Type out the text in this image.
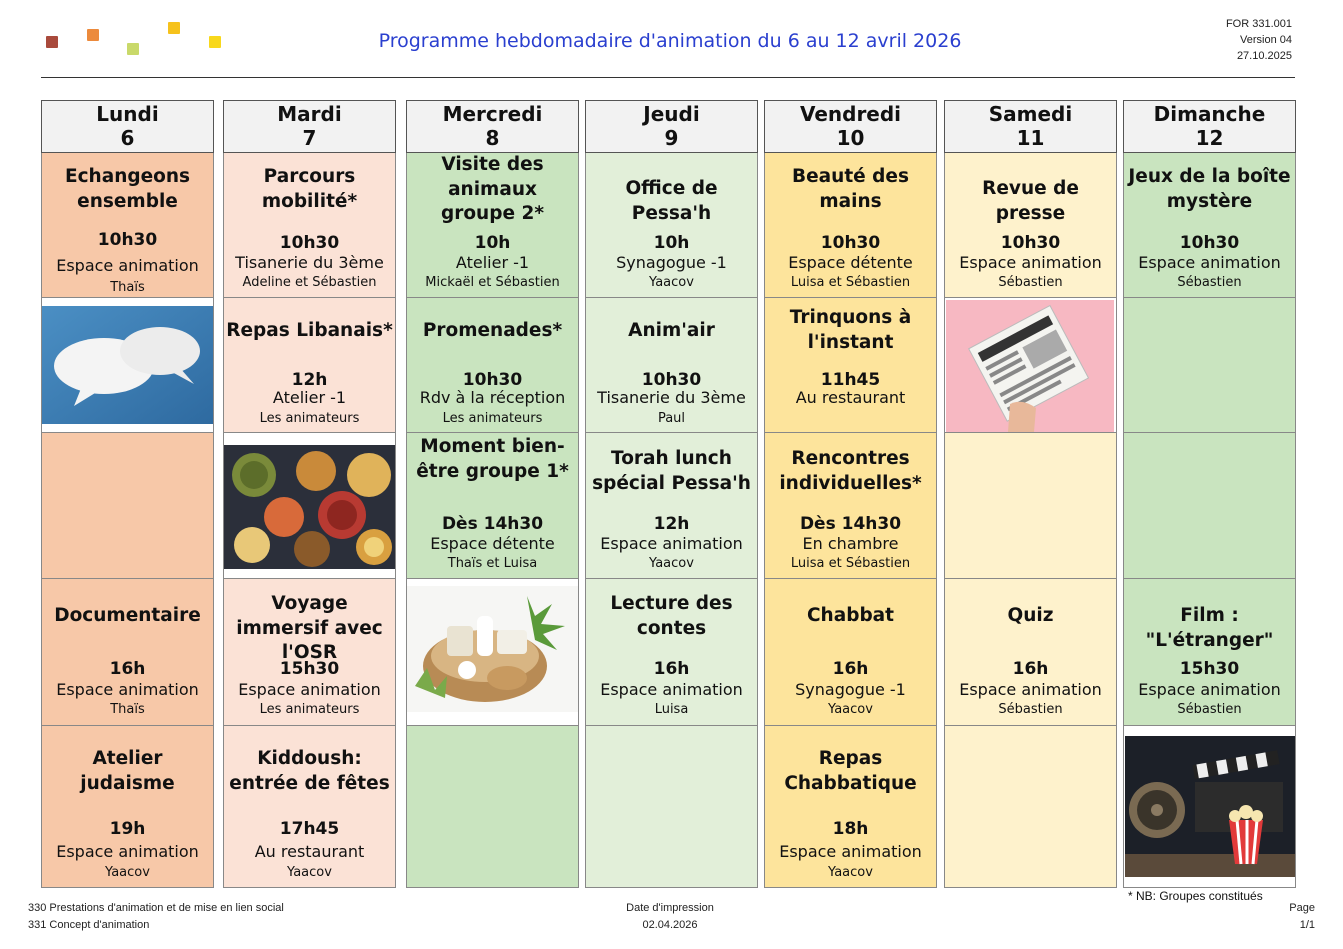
Programme hebdomadaire d'animation du 6 au 12 avril 2026
FOR 331.001
Version 04
27.10.2025
Lundi
6
Echangeons ensemble
10h30
Espace animation
Thaïs
Documentaire
16h
Espace animation
Thaïs
Atelier judaisme
19h
Espace animation
Yaacov
Mardi
7
Parcours mobilité*
10h30
Tisanerie du 3ème
Adeline et Sébastien
Repas Libanais*
12h
Atelier -1
Les animateurs
Voyage immersif avec l'OSR
15h30
Espace animation
Les animateurs
Kiddoush: entrée de fêtes
17h45
Au restaurant
Yaacov
Mercredi
8
Visite des animaux groupe 2*
10h
Atelier -1
Mickaël et Sébastien
Promenades*
10h30
Rdv à la réception
Les animateurs
Moment bien-être groupe 1*
Dès 14h30
Espace détente
Thaïs et Luisa
Jeudi
9
Office de Pessa'h
10h
Synagogue -1
Yaacov
Anim'air
10h30
Tisanerie du 3ème
Paul
Torah lunch spécial Pessa'h
12h
Espace animation
Yaacov
Lecture des contes
16h
Espace animation
Luisa
Vendredi
10
Beauté des mains
10h30
Espace détente
Luisa et Sébastien
Trinquons à l'instant
11h45
Au restaurant
Rencontres individuelles*
Dès 14h30
En chambre
Luisa et Sébastien
Chabbat
16h
Synagogue -1
Yaacov
Repas Chabbatique
18h
Espace animation
Yaacov
Samedi
11
Revue de presse
10h30
Espace animation
Sébastien
Quiz
16h
Espace animation
Sébastien
Dimanche
12
Jeux de la boîte mystère
10h30
Espace animation
Sébastien
Film : "L'étranger"
15h30
Espace animation
Sébastien
* NB: Groupes constitués
330 Prestations d'animation et de mise en lien social
331 Concept d'animation
Date d'impression
02.04.2026
Page
1/1
